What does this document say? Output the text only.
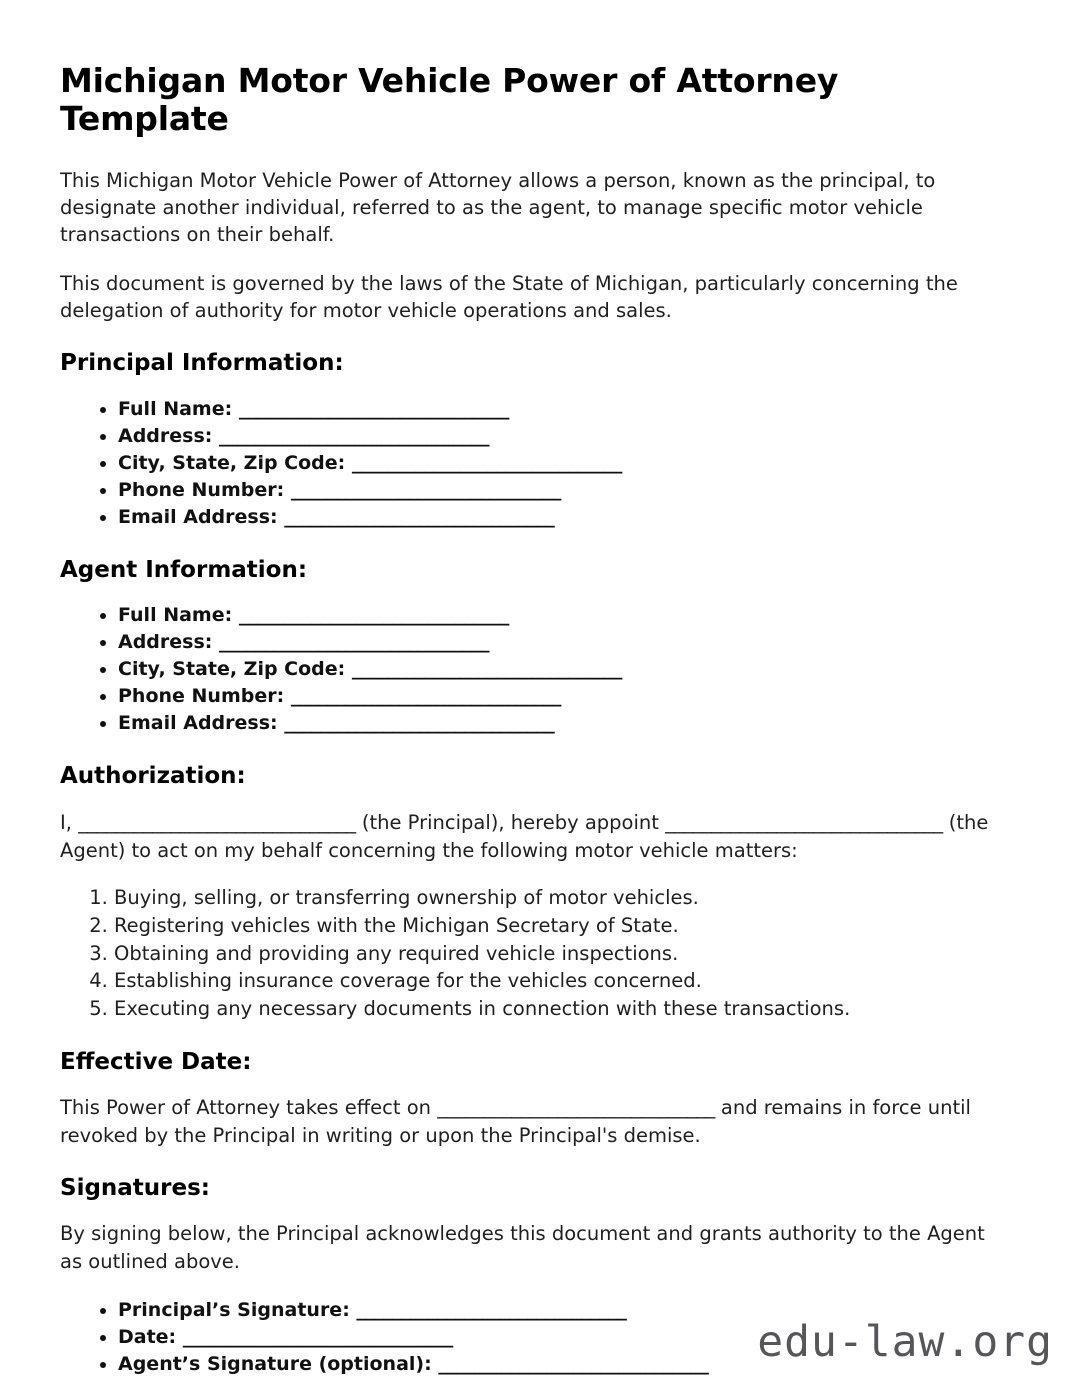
Michigan Motor Vehicle Power of Attorney Template

This Michigan Motor Vehicle Power of Attorney allows a person, known as the principal, to designate another individual, referred to as the agent, to manage specific motor vehicle transactions on their behalf.

This document is governed by the laws of the State of Michigan, particularly concerning the delegation of authority for motor vehicle operations and sales.

Principal Information:
• Full Name: ______________________________
• Address: ______________________________
• City, State, Zip Code: ______________________________
• Phone Number: ______________________________
• Email Address: ______________________________
Agent Information:
• Full Name: ______________________________
• Address: ______________________________
• City, State, Zip Code: ______________________________
• Phone Number: ______________________________
• Email Address: ______________________________
Authorization:

I, ______________________________ (the Principal), hereby appoint ______________________________ (the Agent) to act on my behalf concerning the following motor vehicle matters:

1. Buying, selling, or transferring ownership of motor vehicles.
2. Registering vehicles with the Michigan Secretary of State.
3. Obtaining and providing any required vehicle inspections.
4. Establishing insurance coverage for the vehicles concerned.
5. Executing any necessary documents in connection with these transactions.
Effective Date:

This Power of Attorney takes effect on ______________________________ and remains in force until revoked by the Principal in writing or upon the Principal's demise.

Signatures:

By signing below, the Principal acknowledges this document and grants authority to the Agent as outlined above.

• Principal’s Signature: ______________________________
• Date: ______________________________
• Agent’s Signature (optional): ______________________________	edu-law.org
